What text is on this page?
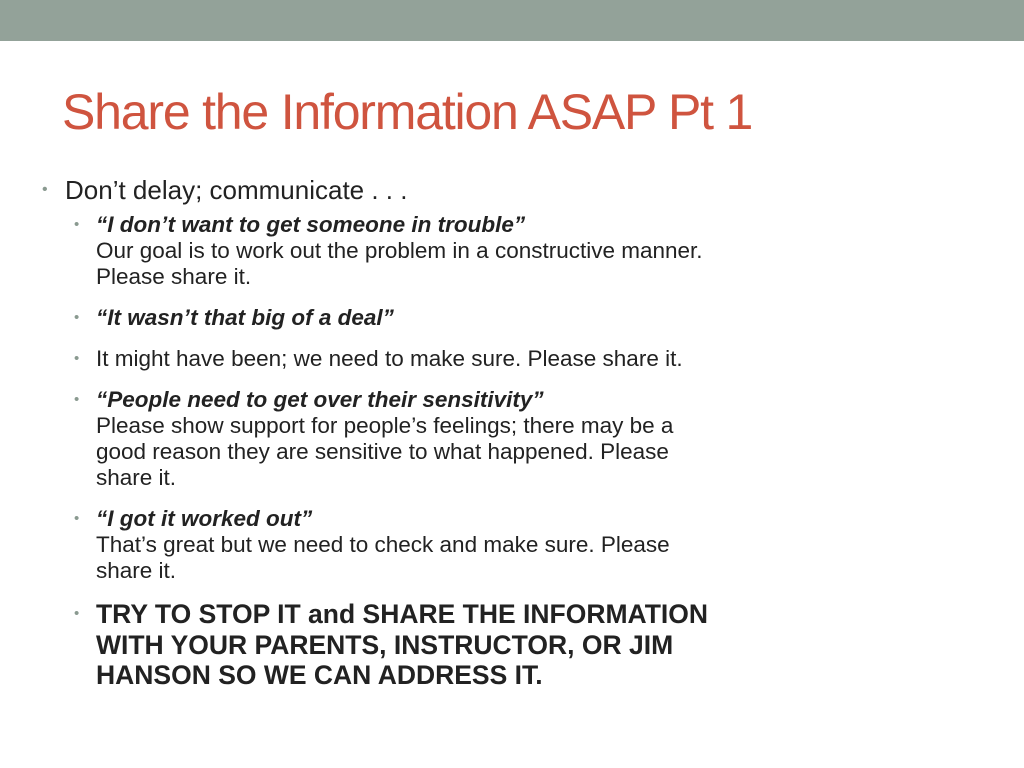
Share the Information ASAP Pt 1
• Don’t delay; communicate . . .
• “I don’t want to get someone in trouble”
Our goal is to work out the problem in a constructive manner.
Please share it.
• “It wasn’t that big of a deal”
• It might have been; we need to make sure. Please share it.
• “People need to get over their sensitivity”
Please show support for people’s feelings; there may be a
good reason they are sensitive to what happened. Please
share it.
• “I got it worked out”
That’s great but we need to check and make sure. Please
share it.
• TRY TO STOP IT and SHARE THE INFORMATION
WITH YOUR PARENTS, INSTRUCTOR, OR JIM
HANSON SO WE CAN ADDRESS IT.
